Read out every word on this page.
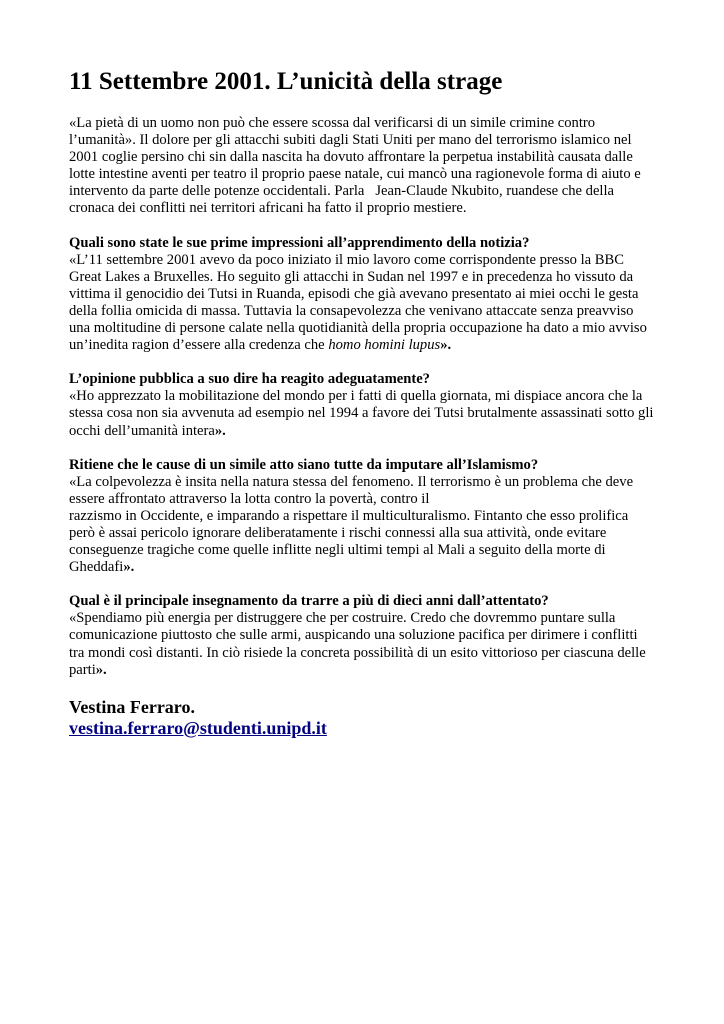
11 Settembre 2001. L’unicità della strage

«La pietà di un uomo non può che essere scossa dal verificarsi di un simile crimine contro

l’umanità». Il dolore per gli attacchi subiti dagli Stati Uniti per mano del terrorismo islamico nel

2001 coglie persino chi sin dalla nascita ha dovuto affrontare la perpetua instabilità causata dalle

lotte intestine aventi per teatro il proprio paese natale, cui mancò una ragionevole forma di aiuto e

intervento da parte delle potenze occidentali. Parla   Jean-Claude Nkubito, ruandese che della

cronaca dei conflitti nei territori africani ha fatto il proprio mestiere.

Quali sono state le sue prime impressioni all’apprendimento della notizia?

«L’11 settembre 2001 avevo da poco iniziato il mio lavoro come corrispondente presso la BBC

Great Lakes a Bruxelles. Ho seguito gli attacchi in Sudan nel 1997 e in precedenza ho vissuto da

vittima il genocidio dei Tutsi in Ruanda, episodi che già avevano presentato ai miei occhi le gesta

della follia omicida di massa. Tuttavia la consapevolezza che venivano attaccate senza preavviso

una moltitudine di persone calate nella quotidianità della propria occupazione ha dato a mio avviso

un’inedita ragion d’essere alla credenza che homo homini lupus».

L’opinione pubblica a suo dire ha reagito adeguatamente?

«Ho apprezzato la mobilitazione del mondo per i fatti di quella giornata, mi dispiace ancora che la

stessa cosa non sia avvenuta ad esempio nel 1994 a favore dei Tutsi brutalmente assassinati sotto gli

occhi dell’umanità intera».

Ritiene che le cause di un simile atto siano tutte da imputare all’Islamismo?

«La colpevolezza è insita nella natura stessa del fenomeno. Il terrorismo è un problema che deve

essere affrontato attraverso la lotta contro la povertà, contro il

razzismo in Occidente, e imparando a rispettare il multiculturalismo. Fintanto che esso prolifica

però è assai pericolo ignorare deliberatamente i rischi connessi alla sua attività, onde evitare

conseguenze tragiche come quelle inflitte negli ultimi tempi al Mali a seguito della morte di

Gheddafi».

Qual è il principale insegnamento da trarre a più di dieci anni dall’attentato?

«Spendiamo più energia per distruggere che per costruire. Credo che dovremmo puntare sulla

comunicazione piuttosto che sulle armi, auspicando una soluzione pacifica per dirimere i conflitti

tra mondi così distanti. In ciò risiede la concreta possibilità di un esito vittorioso per ciascuna delle

parti».

Vestina Ferraro.
vestina.ferraro@studenti.unipd.it
